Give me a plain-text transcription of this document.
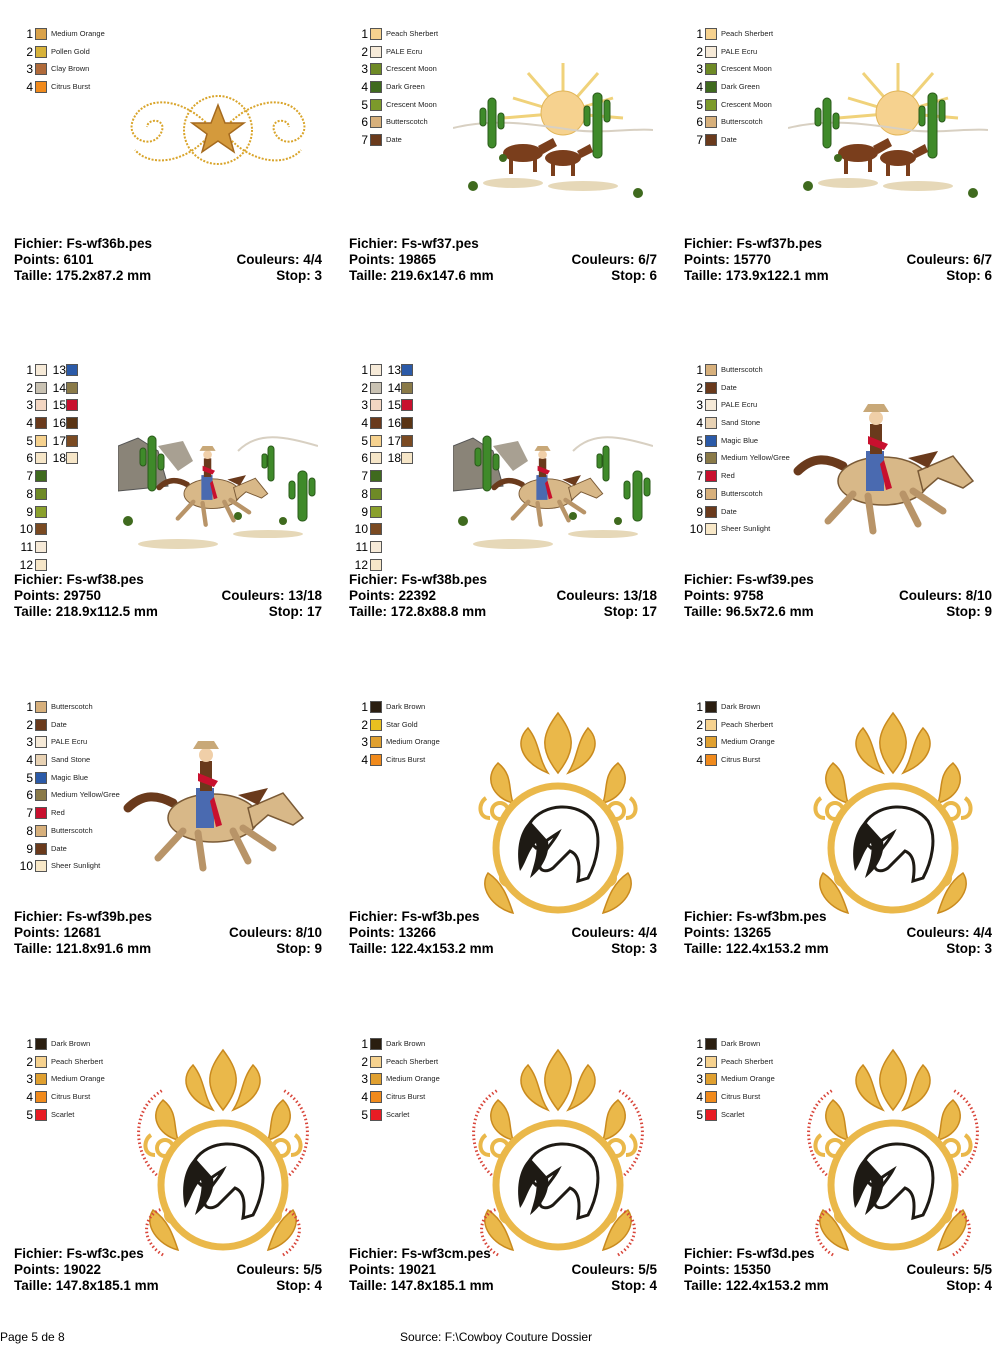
1 Medium Orange
2 Pollen Gold
3 Clay Brown
4 Citrus Burst
Fichier: Fs-wf36b.pes
Points: 6101
Taille: 175.2x87.2 mm
Couleurs: 4/4
Stop: 3
1 Peach Sherbert
2 PALE Ecru
3 Crescent Moon
4 Dark Green
5 Crescent Moon
6 Butterscotch
7 Date
Fichier: Fs-wf37.pes
Points: 19865
Taille: 219.6x147.6 mm
Couleurs: 6/7
Stop: 6
1 Peach Sherbert
2 PALE Ecru
3 Crescent Moon
4 Dark Green
5 Crescent Moon
6 Butterscotch
7 Date
Fichier: Fs-wf37b.pes
Points: 15770
Taille: 173.9x122.1 mm
Couleurs: 6/7
Stop: 6
1	13
2	14
3	15
4	16
5	17
6	18
7
8
9
10
11
12
Fichier: Fs-wf38.pes
Points: 29750
Taille: 218.9x112.5 mm
Couleurs: 13/18
Stop: 17
1	13
2	14
3	15
4	16
5	17
6	18
7
8
9
10
11
12
Fichier: Fs-wf38b.pes
Points: 22392
Taille: 172.8x88.8 mm
Couleurs: 13/18
Stop: 17
1 Butterscotch
2 Date
3 PALE Ecru
4 Sand Stone
5 Magic Blue
6 Medium Yellow/Gree
7 Red
8 Butterscotch
9 Date
10 Sheer Sunlight
Fichier: Fs-wf39.pes
Points: 9758
Taille: 96.5x72.6 mm
Couleurs: 8/10
Stop: 9
1 Butterscotch
2 Date
3 PALE Ecru
4 Sand Stone
5 Magic Blue
6 Medium Yellow/Gree
7 Red
8 Butterscotch
9 Date
10 Sheer Sunlight
Fichier: Fs-wf39b.pes
Points: 12681
Taille: 121.8x91.6 mm
Couleurs: 8/10
Stop: 9
1 Dark Brown
2 Star Gold
3 Medium Orange
4 Citrus Burst
Fichier: Fs-wf3b.pes
Points: 13266
Taille: 122.4x153.2 mm
Couleurs: 4/4
Stop: 3
1 Dark Brown
2 Peach Sherbert
3 Medium Orange
4 Citrus Burst
Fichier: Fs-wf3bm.pes
Points: 13265
Taille: 122.4x153.2 mm
Couleurs: 4/4
Stop: 3
1 Dark Brown
2 Peach Sherbert
3 Medium Orange
4 Citrus Burst
5 Scarlet
Fichier: Fs-wf3c.pes
Points: 19022
Taille: 147.8x185.1 mm
Couleurs: 5/5
Stop: 4
1 Dark Brown
2 Peach Sherbert
3 Medium Orange
4 Citrus Burst
5 Scarlet
Fichier: Fs-wf3cm.pes
Points: 19021
Taille: 147.8x185.1 mm
Couleurs: 5/5
Stop: 4
1 Dark Brown
2 Peach Sherbert
3 Medium Orange
4 Citrus Burst
5 Scarlet
Fichier: Fs-wf3d.pes
Points: 15350
Taille: 122.4x153.2 mm
Couleurs: 5/5
Stop: 4
Page 5 de 8	Source: F:\Cowboy Couture Dossier
